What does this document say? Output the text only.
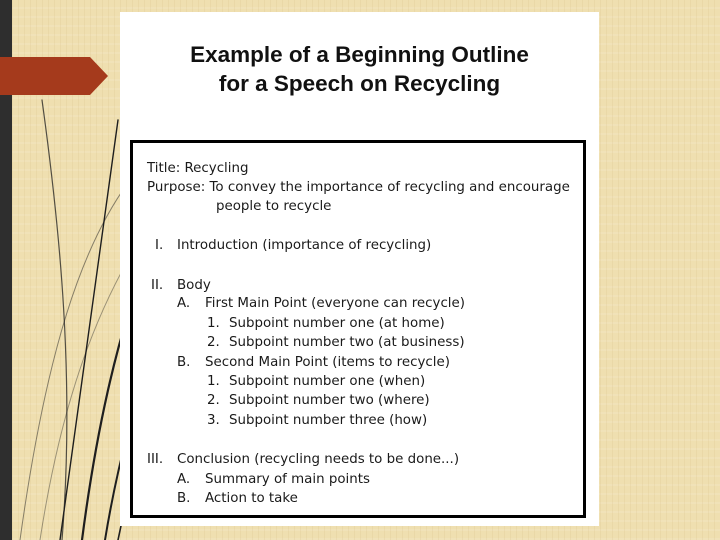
Example of a Beginning Outline
for a Speech on Recycling
Title: Recycling
Purpose: To convey the importance of recycling and encourage
people to recycle
I. Introduction (importance of recycling)
II. Body
A. First Main Point (everyone can recycle)
1. Subpoint number one (at home)
2. Subpoint number two (at business)
B. Second Main Point (items to recycle)
1. Subpoint number one (when)
2. Subpoint number two (where)
3. Subpoint number three (how)
III. Conclusion (recycling needs to be done...)
A. Summary of main points
B. Action to take
